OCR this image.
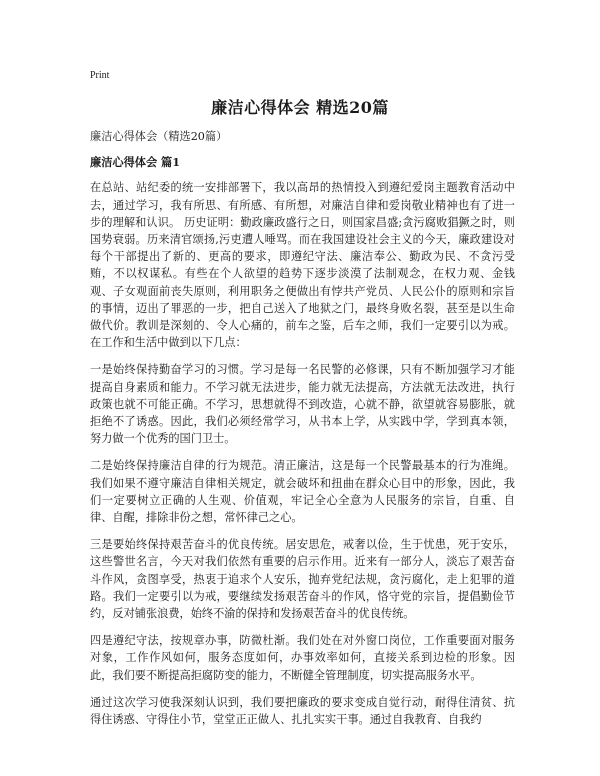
Print
廉洁心得体会 精选20篇

廉洁心得体会（精选20篇）

廉洁心得体会 篇1

在总站、站纪委的统一安排部署下，我以高昂的热情投入到遵纪爱岗主题教育活动中去，通过学习，我有所思、有所感、有所想，对廉洁自律和爱岗敬业精神也有了进一步的理解和认识。 历史证明：勤政廉政盛行之日，则国家昌盛;贪污腐败猖獗之时，则国势衰弱。历来清官颂扬,污吏遭人唾骂。而在我国建设社会主义的今天，廉政建设对每个干部提出了新的、更高的要求，即遵纪守法、廉洁奉公、勤政为民、不贪污受贿，不以权谋私。有些在个人欲望的趋势下逐步淡漠了法制观念，在权力观、金钱观、子女观面前丧失原则，利用职务之便做出有悖共产党员、人民公仆的原则和宗旨的事情，迈出了罪恶的一步，把自己送入了地狱之门，最终身败名裂，甚至是以生命做代价。教训是深刻的、令人心痛的，前车之鉴，后车之师，我们一定要引以为戒。在工作和生活中做到以下几点：

一是始终保持勤奋学习的习惯。学习是每一名民警的必修课，只有不断加强学习才能提高自身素质和能力。不学习就无法进步，能力就无法提高，方法就无法改进，执行政策也就不可能正确。不学习，思想就得不到改造，心就不静，欲望就容易膨胀，就拒绝不了诱惑。因此，我们必须经常学习，从书本上学，从实践中学，学到真本领，努力做一个优秀的国门卫士。

二是始终保持廉洁自律的行为规范。清正廉洁，这是每一个民警最基本的行为准绳。我们如果不遵守廉洁自律相关规定，就会破坏和扭曲在群众心目中的形象，因此，我们一定要树立正确的人生观、价值观，牢记全心全意为人民服务的宗旨，自重、自律、自醒，排除非份之想，常怀律己之心。

三是要始终保持艰苦奋斗的优良传统。居安思危，戒奢以俭，生于忧患，死于安乐，这些警世名言，今天对我们依然有重要的启示作用。近来有一部分人，淡忘了艰苦奋斗作风，贪图享受，热衷于追求个人安乐，抛弃党纪法规，贪污腐化，走上犯罪的道路。我们一定要引以为戒，要继续发扬艰苦奋斗的作风，恪守党的宗旨，提倡勤俭节约，反对铺张浪费，始终不渝的保持和发扬艰苦奋斗的优良传统。

四是遵纪守法，按规章办事，防微杜渐。我们处在对外窗口岗位，工作重要面对服务对象，工作作风如何，服务态度如何，办事效率如何，直接关系到边检的形象。因此，我们要不断提高拒腐防变的能力，不断健全管理制度，切实提高服务水平。

通过这次学习使我深刻认识到，我们要把廉政的要求变成自觉行动，耐得住清贫、抗得住诱惑、守得住小节，堂堂正正做人、扎扎实实干事。通过自我教育、自我约
